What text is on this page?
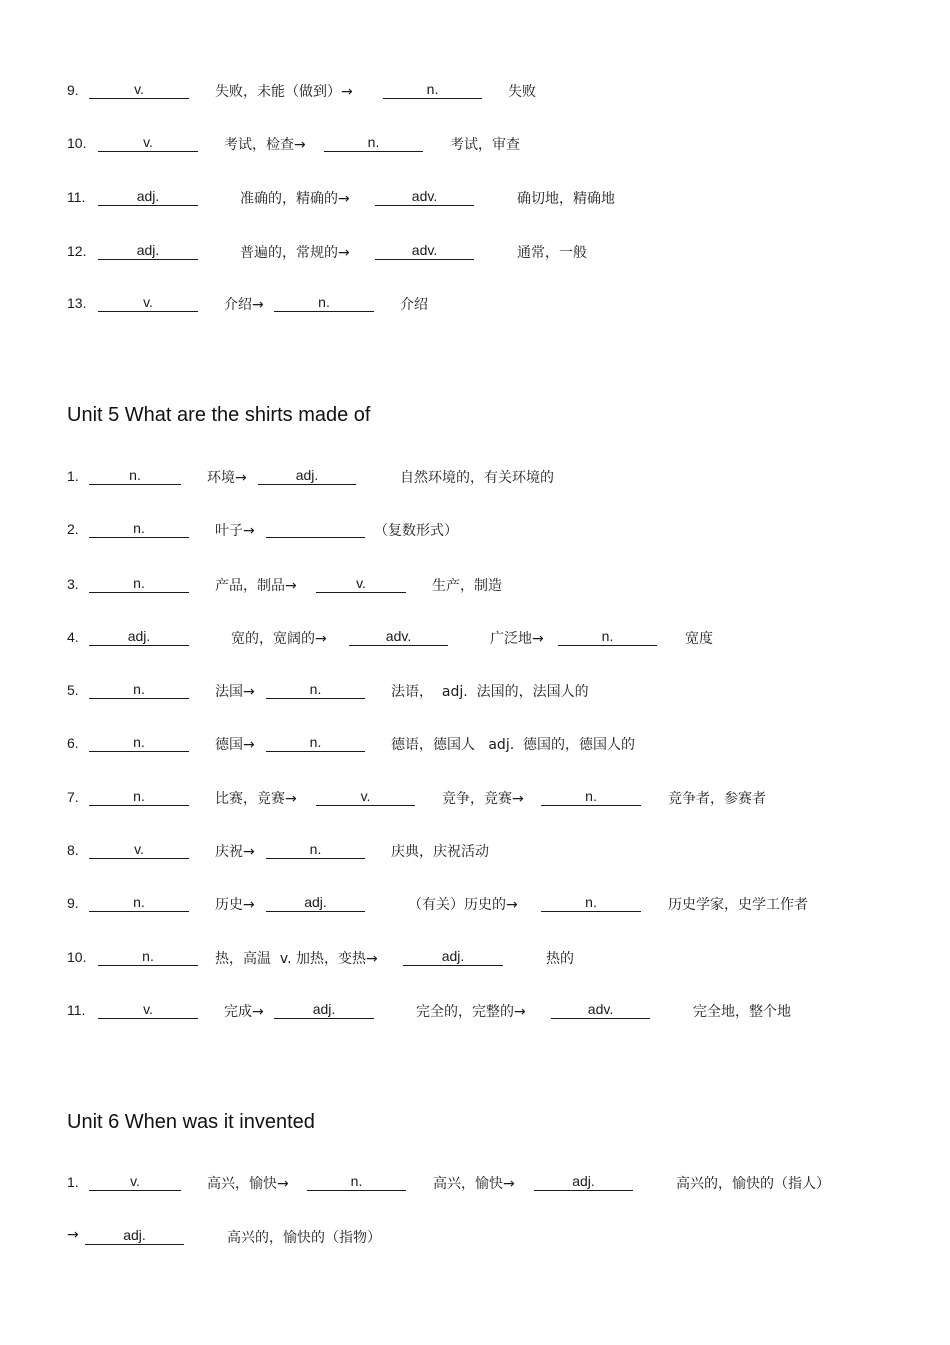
9.	v.	失败，未能（做到）→	n.	失败
10.	v.	考试，检查→	n.	考试，审查
11.	adj.	准确的，精确的→	adv.	确切地，精确地
12.	adj.	普遍的，常规的→	adv.	通常，一般
13.	v.	介绍→	n.	介绍
Unit 5 What are the shirts made of
1.	n.	环境→	adj.	自然环境的，有关环境的
2.	n.	叶子→	（复数形式）
3.	n.	产品，制品→	v.	生产，制造
4.	adj.	宽的，宽阔的→	adv.	广泛地→	n.	宽度
5.	n.	法国→	n.	法语，  adj.  法国的，法国人的
6.	n.	德国→	n.	德语，德国人   adj.  德国的，德国人的
7.	n.	比赛，竞赛→	v.	竞争，竞赛→	n.	竞争者，参赛者
8.	v.	庆祝→	n.	庆典，庆祝活动
9.	n.	历史→	adj.	（有关）历史的→	n.	历史学家，史学工作者
10.	n.	热，高温  v. 加热，变热→	adj.	热的
11.	v.	完成→	adj.	完全的，完整的→	adv.	完全地，整个地
Unit 6 When was it invented
1.	v.	高兴，愉快→	n.	高兴，愉快→	adj.	高兴的，愉快的（指人）
→	adj.	高兴的，愉快的（指物）
